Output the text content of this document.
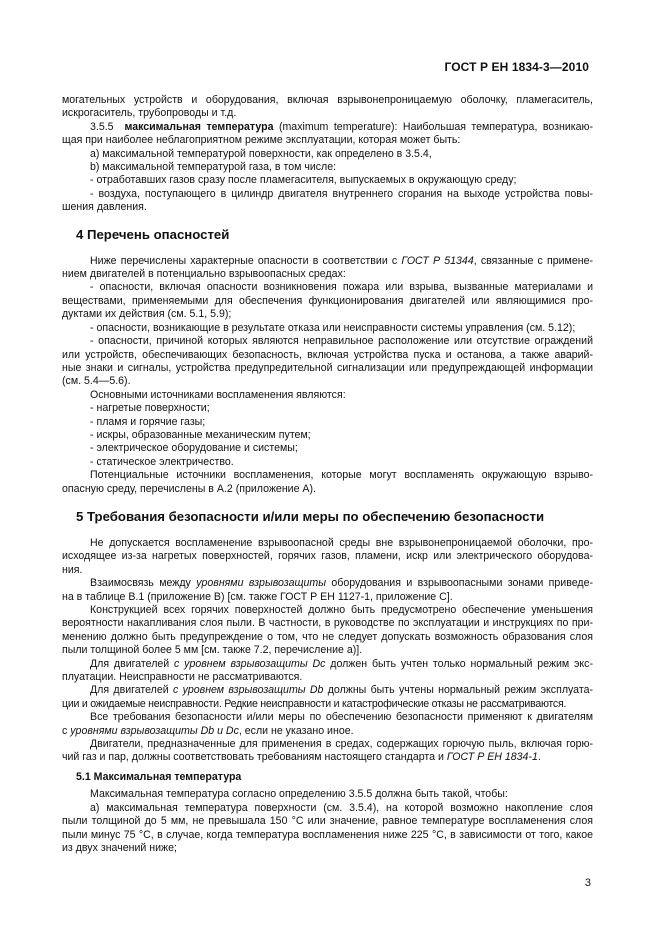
ГОСТ Р ЕН 1834-3—2010

могательных устройств и оборудования, включая взрывонепроницаемую оболочку, пламегаситель,

искрогаситель, трубопроводы и т.д.

3.5.5 максимальная температура (maximum temperature): Наибольшая температура, возникаю-

щая при наиболее неблагоприятном режиме эксплуатации, которая может быть:

a) максимальной температурой поверхности, как определено в 3.5.4,

b) максимальной температурой газа, в том числе:

- отработавших газов сразу после пламегасителя, выпускаемых в окружающую среду;

- воздуха, поступающего в цилиндр двигателя внутреннего сгорания на выходе устройства повы-

шения давления.

4 Перечень опасностей

Ниже перечислены характерные опасности в соответствии с ГОСТ Р 51344, связанные с примене-

нием двигателей в потенциально взрывоопасных средах:

- опасности, включая опасности возникновения пожара или взрыва, вызванные материалами и

веществами, применяемыми для обеспечения функционирования двигателей или являющимися про-

дуктами их действия (см. 5.1, 5.9);

- опасности, возникающие в результате отказа или неисправности системы управления (см. 5.12);

- опасности, причиной которых являются неправильное расположение или отсутствие ограждений

или устройств, обеспечивающих безопасность, включая устройства пуска и останова, а также аварий-

ные знаки и сигналы, устройства предупредительной сигнализации или предупреждающей информации

(см. 5.4—5.6).

Основными источниками воспламенения являются:

- нагретые поверхности;

- пламя и горячие газы;

- искры, образованные механическим путем;

- электрическое оборудование и системы;

- статическое электричество.

Потенциальные источники воспламенения, которые могут воспламенять окружающую взрыво-

опасную среду, перечислены в А.2 (приложение А).

5 Требования безопасности и/или меры по обеспечению безопасности

Не допускается воспламенение взрывоопасной среды вне взрывонепроницаемой оболочки, про-

исходящее из-за нагретых поверхностей, горячих газов, пламени, искр или электрического оборудова-

ния.

Взаимосвязь между уровнями взрывозащиты оборудования и взрывоопасными зонами приведе-

на в таблице В.1 (приложение В) [см. также ГОСТ Р ЕН 1127-1, приложение С].

Конструкцией всех горячих поверхностей должно быть предусмотрено обеспечение уменьшения

вероятности накапливания слоя пыли. В частности, в руководстве по эксплуатации и инструкциях по при-

менению должно быть предупреждение о том, что не следует допускать возможность образования слоя

пыли толщиной более 5 мм [см. также 7.2, перечисление а)].

Для двигателей с уровнем взрывозащиты Dc должен быть учтен только нормальный режим экс-

плуатации. Неисправности не рассматриваются.

Для двигателей с уровнем взрывозащиты Db должны быть учтены нормальный режим эксплуата-

ции и ожидаемые неисправности. Редкие неисправности и катастрофические отказы не рассматриваются.

Все требования безопасности и/или меры по обеспечению безопасности применяют к двигателям

с уровнями взрывозащиты Db и Dc, если не указано иное.

Двигатели, предназначенные для применения в средах, содержащих горючую пыль, включая горю-

чий газ и пар, должны соответствовать требованиям настоящего стандарта и ГОСТ Р ЕН 1834-1.

5.1 Максимальная температура

Максимальная температура согласно определению 3.5.5 должна быть такой, чтобы:

a) максимальная температура поверхности (см. 3.5.4), на которой возможно накопление слоя

пыли толщиной до 5 мм, не превышала 150 °С или значение, равное температуре воспламенения слоя

пыли минус 75 °С, в случае, когда температура воспламенения ниже 225 °С, в зависимости от того, какое

из двух значений ниже;

3
